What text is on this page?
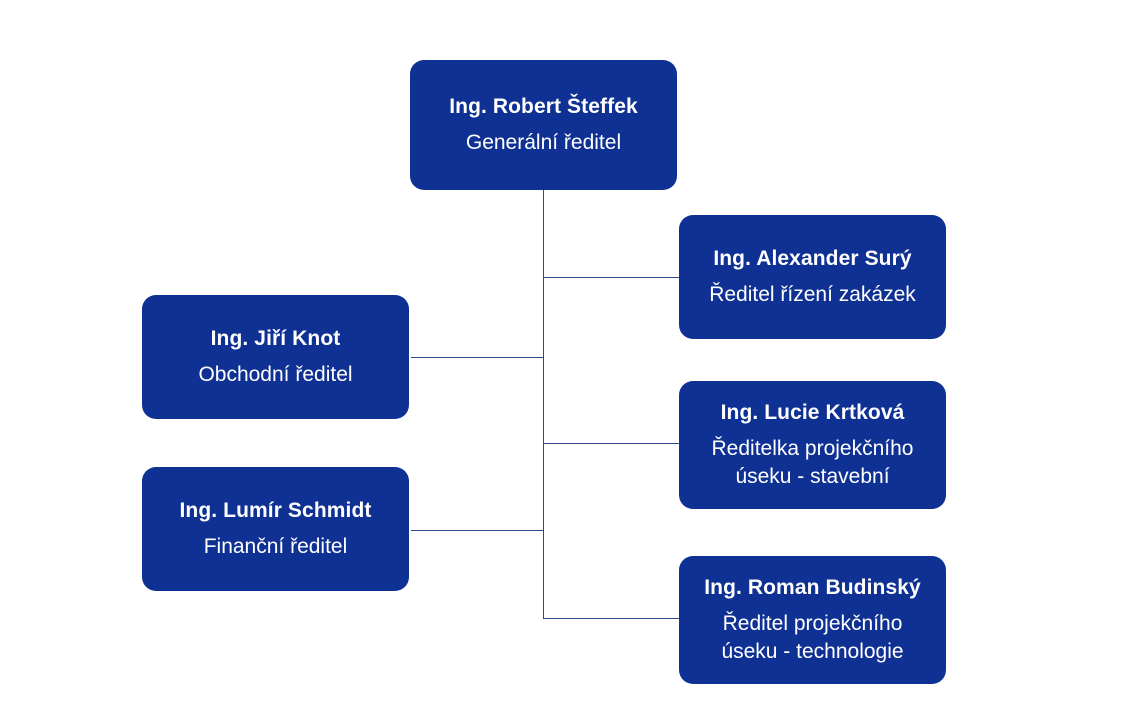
Ing. Robert Šteffek
Generální ředitel
Ing. Jiří Knot
Obchodní ředitel
Ing. Lumír Schmidt
Finanční ředitel
Ing. Alexander Surý
Ředitel řízení zakázek
Ing. Lucie Krtková
Ředitelka projekčního
úseku - stavební
Ing. Roman Budinský
Ředitel projekčního
úseku - technologie
